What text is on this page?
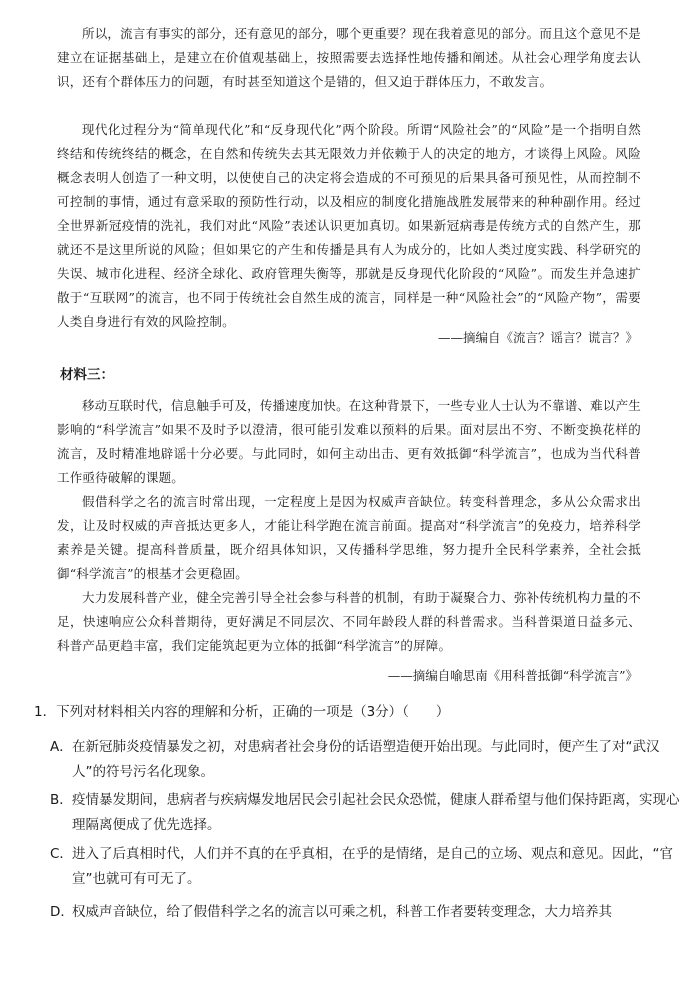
所以，流言有事实的部分，还有意见的部分，哪个更重要？现在我着意见的部分。而且这个意见不是建立在证据基础上，是建立在价值观基础上，按照需要去选择性地传播和阐述。从社会心理学角度去认识，还有个群体压力的问题，有时甚至知道这个是错的，但又迫于群体压力，不敢发言。

现代化过程分为“简单现代化”和“反身现代化”两个阶段。所谓“风险社会”的“风险”是一个指明自然终结和传统终结的概念，在自然和传统失去其无限效力并依赖于人的决定的地方，才谈得上风险。风险概念表明人创造了一种文明，以使使自己的决定将会造成的不可预见的后果具备可预见性，从而控制不可控制的事情，通过有意采取的预防性行动，以及相应的制度化措施战胜发展带来的种种副作用。经过全世界新冠疫情的洗礼，我们对此“风险”表述认识更加真切。如果新冠病毒是传统方式的自然产生，那就还不是这里所说的风险；但如果它的产生和传播是具有人为成分的，比如人类过度实践、科学研究的失误、城市化进程、经济全球化、政府管理失衡等，那就是反身现代化阶段的“风险”。而发生并急速扩散于“互联网”的流言，也不同于传统社会自然生成的流言，同样是一种“风险社会”的“风险产物”，需要人类自身进行有效的风险控制。

——摘编自《流言？谣言？谎言？》
材料三：

移动互联时代，信息触手可及，传播速度加快。在这种背景下，一些专业人士认为不靠谱、难以产生影响的“科学流言”如果不及时予以澄清，很可能引发难以预料的后果。面对层出不穷、不断变换花样的流言，及时精准地辟谣十分必要。与此同时，如何主动出击、更有效抵御“科学流言”，也成为当代科普工作亟待破解的课题。

假借科学之名的流言时常出现，一定程度上是因为权威声音缺位。转变科普理念，多从公众需求出发，让及时权威的声音抵达更多人，才能让科学跑在流言前面。提高对“科学流言”的免疫力，培养科学素养是关键。提高科普质量，既介绍具体知识，又传播科学思维，努力提升全民科学素养，全社会抵御“科学流言”的根基才会更稳固。

大力发展科普产业，健全完善引导全社会参与科普的机制，有助于凝聚合力、弥补传统机构力量的不足，快速响应公众科普期待，更好满足不同层次、不同年龄段人群的科普需求。当科普渠道日益多元、科普产品更趋丰富，我们定能筑起更为立体的抵御“科学流言”的屏障。

——摘编自喻思南《用科普抵御“科学流言”》
1．下列对材料相关内容的理解和分析，正确的一项是（3分）（　　）
A．在新冠肺炎疫情暴发之初，对患病者社会身份的话语塑造便开始出现。与此同时，便产生了对“武汉人”的符号污名化现象。
B．疫情暴发期间，患病者与疾病爆发地居民会引起社会民众恐慌，健康人群希望与他们保持距离，实现心理隔离便成了优先选择。
C．进入了后真相时代，人们并不真的在乎真相，在乎的是情绪，是自己的立场、观点和意见。因此，“官宣”也就可有可无了。
D．权威声音缺位，给了假借科学之名的流言以可乘之机，科普工作者要转变理念，大力培养其
